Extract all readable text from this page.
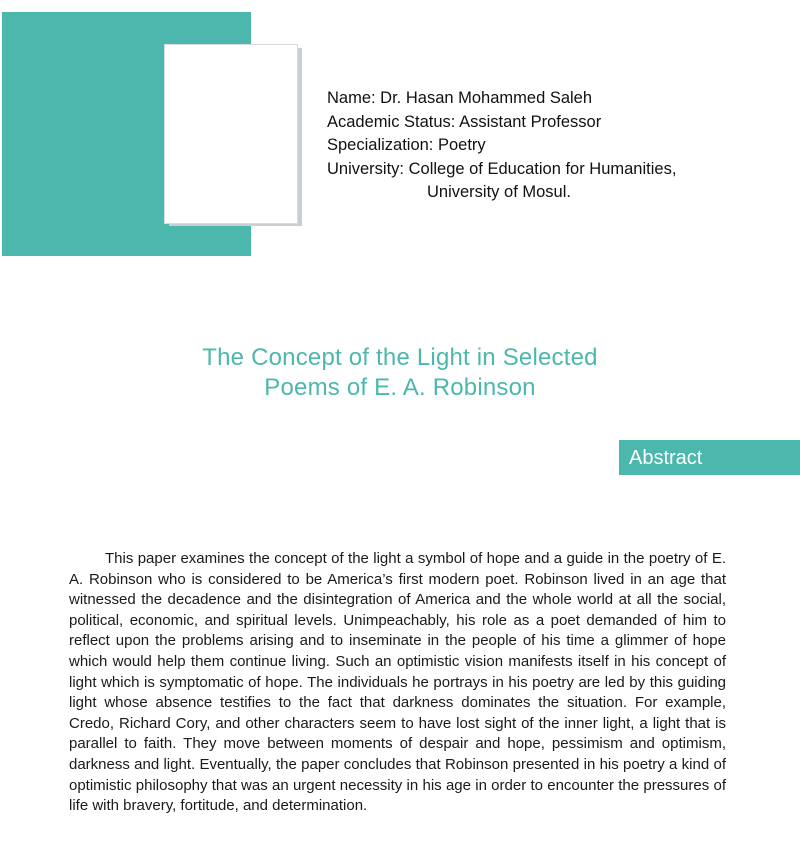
Name: Dr. Hasan Mohammed Saleh
Academic Status: Assistant Professor
Specialization: Poetry
University: College of Education for Humanities,
University of Mosul.
The Concept of the Light in Selected
Poems of E. A. Robinson
Abstract
This paper examines the concept of the light a symbol of hope and a guide in the poetry of E. A. Robinson who is considered to be America’s first modern poet. Robinson lived in an age that witnessed the decadence and the disintegration of America and the whole world at all the social, political, economic, and spiritual levels. Unimpeachably, his role as a poet demanded of him to reflect upon the problems arising and to inseminate in the people of his time a glimmer of hope which would help them continue living. Such an optimistic vision manifests itself in his concept of light which is symptomatic of hope. The individuals he portrays in his poetry are led by this guiding light whose absence testifies to the fact that darkness dominates the situation. For example, Credo, Richard Cory, and other characters seem to have lost sight of the inner light, a light that is parallel to faith. They move between moments of despair and hope, pessimism and optimism, darkness and light. Eventually, the paper concludes that Robinson presented in his poetry a kind of optimistic philosophy that was an urgent necessity in his age in order to encounter the pressures of life with bravery, fortitude, and determination.
